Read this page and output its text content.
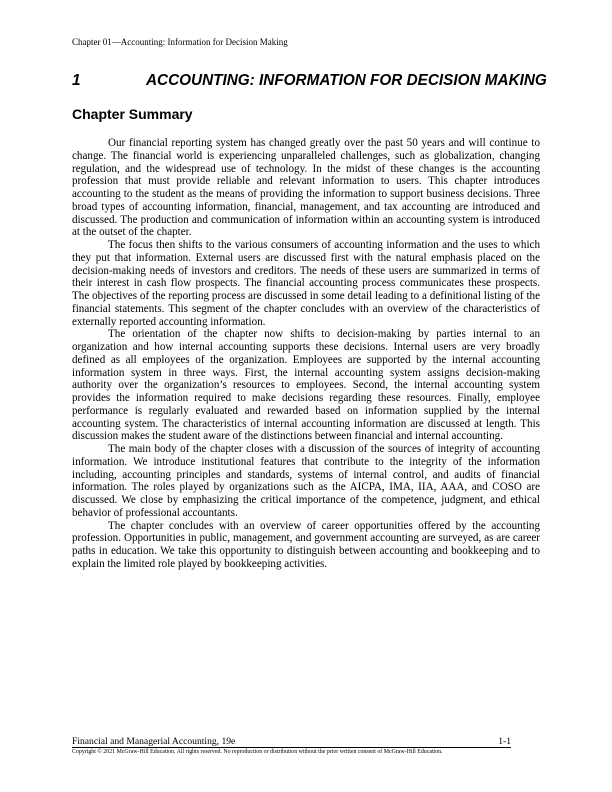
Chapter 01—Accounting: Information for Decision Making
1	ACCOUNTING: INFORMATION FOR DECISION MAKING
Chapter Summary

Our financial reporting system has changed greatly over the past 50 years and will continue to change. The financial world is experiencing unparalleled challenges, such as globalization, changing regulation, and the widespread use of technology. In the midst of these changes is the accounting profession that must provide reliable and relevant information to users. This chapter introduces accounting to the student as the means of providing the information to support business decisions. Three broad types of accounting information, financial, management, and tax accounting are introduced and discussed. The production and communication of information within an accounting system is introduced at the outset of the chapter.

The focus then shifts to the various consumers of accounting information and the uses to which they put that information. External users are discussed first with the natural emphasis placed on the decision-making needs of investors and creditors. The needs of these users are summarized in terms of their interest in cash flow prospects. The financial accounting process communicates these prospects. The objectives of the reporting process are discussed in some detail leading to a definitional listing of the financial statements. This segment of the chapter concludes with an overview of the characteristics of externally reported accounting information.

The orientation of the chapter now shifts to decision-making by parties internal to an organization and how internal accounting supports these decisions. Internal users are very broadly defined as all employees of the organization. Employees are supported by the internal accounting information system in three ways. First, the internal accounting system assigns decision-making authority over the organization’s resources to employees. Second, the internal accounting system provides the information required to make decisions regarding these resources. Finally, employee performance is regularly evaluated and rewarded based on information supplied by the internal accounting system. The characteristics of internal accounting information are discussed at length. This discussion makes the student aware of the distinctions between financial and internal accounting.

The main body of the chapter closes with a discussion of the sources of integrity of accounting information. We introduce institutional features that contribute to the integrity of the information including, accounting principles and standards, systems of internal control, and audits of financial information. The roles played by organizations such as the AICPA, IMA, IIA, AAA, and COSO are discussed. We close by emphasizing the critical importance of the competence, judgment, and ethical behavior of professional accountants.

The chapter concludes with an overview of career opportunities offered by the accounting profession. Opportunities in public, management, and government accounting are surveyed, as are career paths in education. We take this opportunity to distinguish between accounting and bookkeeping and to explain the limited role played by bookkeeping activities.

Financial and Managerial Accounting, 19e	1-1
Copyright © 2021 McGraw-Hill Education. All rights reserved. No reproduction or distribution without the prior written consent of McGraw-Hill Education.
